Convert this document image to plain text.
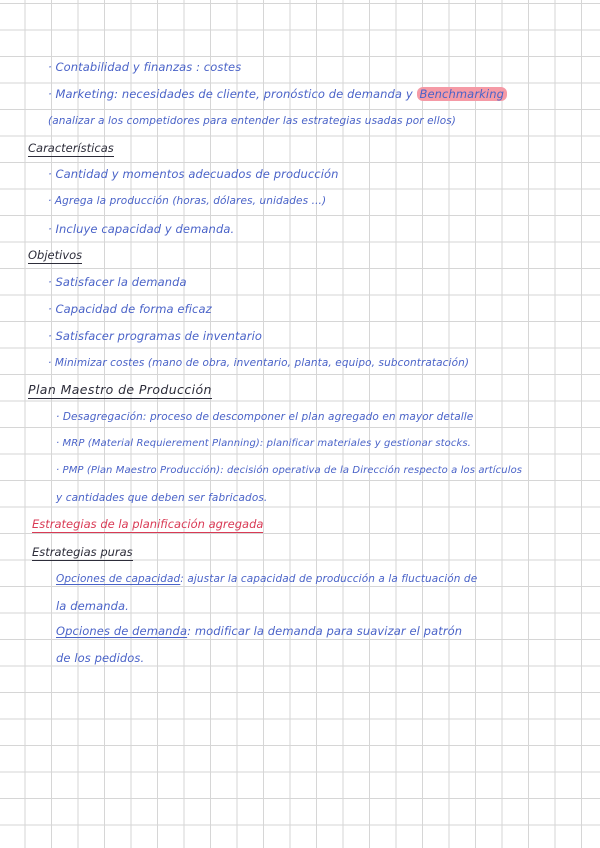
· Contabilidad y finanzas : costes
· Marketing: necesidades de cliente, pronóstico de demanda y Benchmarking
(analizar a los competidores para entender las estrategias usadas por ellos)
Características
· Cantidad y momentos adecuados de producción
· Agrega la producción (horas, dólares, unidades ...)
· Incluye capacidad y demanda.
Objetivos
· Satisfacer la demanda
· Capacidad de forma eficaz
· Satisfacer programas de inventario
· Minimizar costes (mano de obra, inventario, planta, equipo, subcontratación)
Plan Maestro de Producción
· Desagregación: proceso de descomponer el plan agregado en mayor detalle
· MRP (Material Requierement Planning): planificar materiales y gestionar stocks.
· PMP (Plan Maestro Producción): decisión operativa de la Dirección respecto a los artículos
y cantidades que deben ser fabricados.
Estrategias de la planificación agregada
Estrategias puras
Opciones de capacidad: ajustar la capacidad de producción a la fluctuación de
la demanda.
Opciones de demanda: modificar la demanda para suavizar el patrón
de los pedidos.
